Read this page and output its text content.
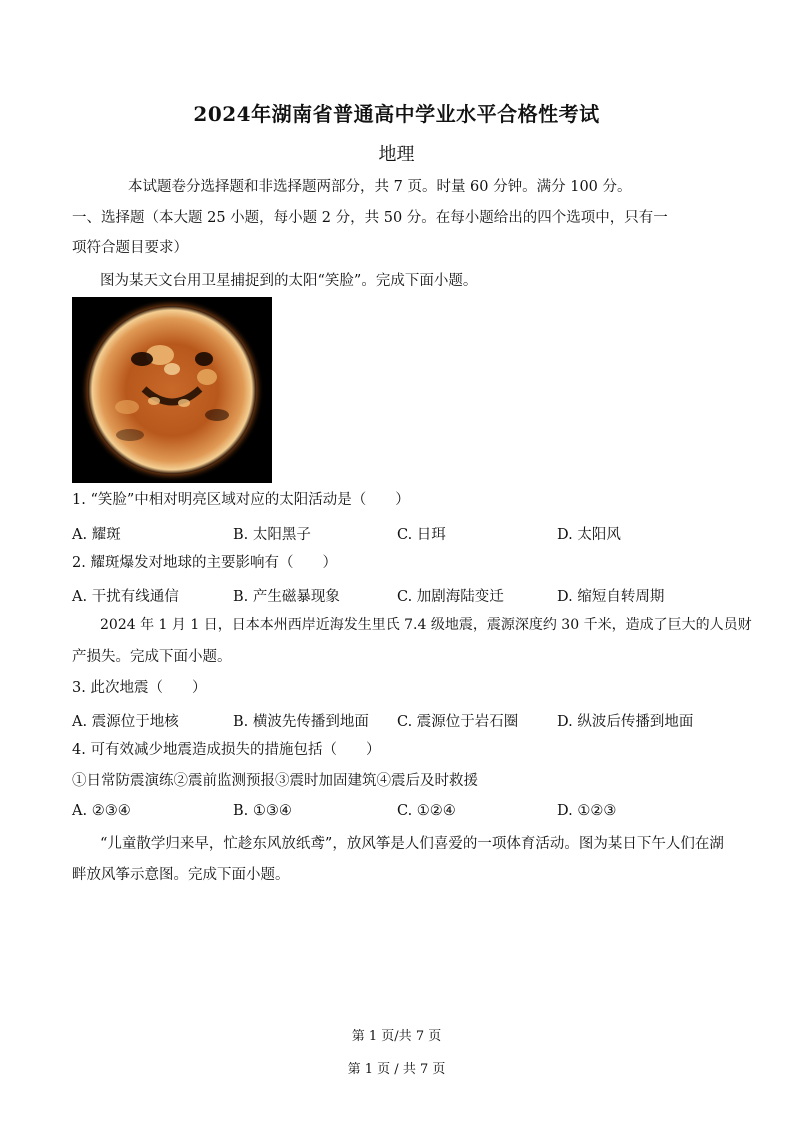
2024年湖南省普通高中学业水平合格性考试
地理
本试题卷分选择题和非选择题两部分，共 7 页。时量 60 分钟。满分 100 分。
一、选择题（本大题 25 小题，每小题 2 分，共 50 分。在每小题给出的四个选项中，只有一
项符合题目要求）
图为某天文台用卫星捕捉到的太阳“笑脸”。完成下面小题。
1. “笑脸”中相对明亮区域对应的太阳活动是（　　）
A. 耀斑	B. 太阳黑子	C. 日珥	D. 太阳风
2. 耀斑爆发对地球的主要影响有（　　）
A. 干扰有线通信	B. 产生磁暴现象	C. 加剧海陆变迁	D. 缩短自转周期
2024 年 1 月 1 日，日本本州西岸近海发生里氏 7.4 级地震，震源深度约 30 千米，造成了巨大的人员财
产损失。完成下面小题。
3. 此次地震（　　）
A. 震源位于地核	B. 横波先传播到地面 C. 震源位于岩石圈	D. 纵波后传播到地面
4. 可有效减少地震造成损失的措施包括（　　）
①日常防震演练②震前监测预报③震时加固建筑④震后及时救援
A. ②③④	B. ①③④	C. ①②④	D. ①②③
“儿童散学归来早，忙趁东风放纸鸢”，放风筝是人们喜爱的一项体育活动。图为某日下午人们在湖
畔放风筝示意图。完成下面小题。
第 1 页/共 7 页
第 1 页 / 共 7 页
